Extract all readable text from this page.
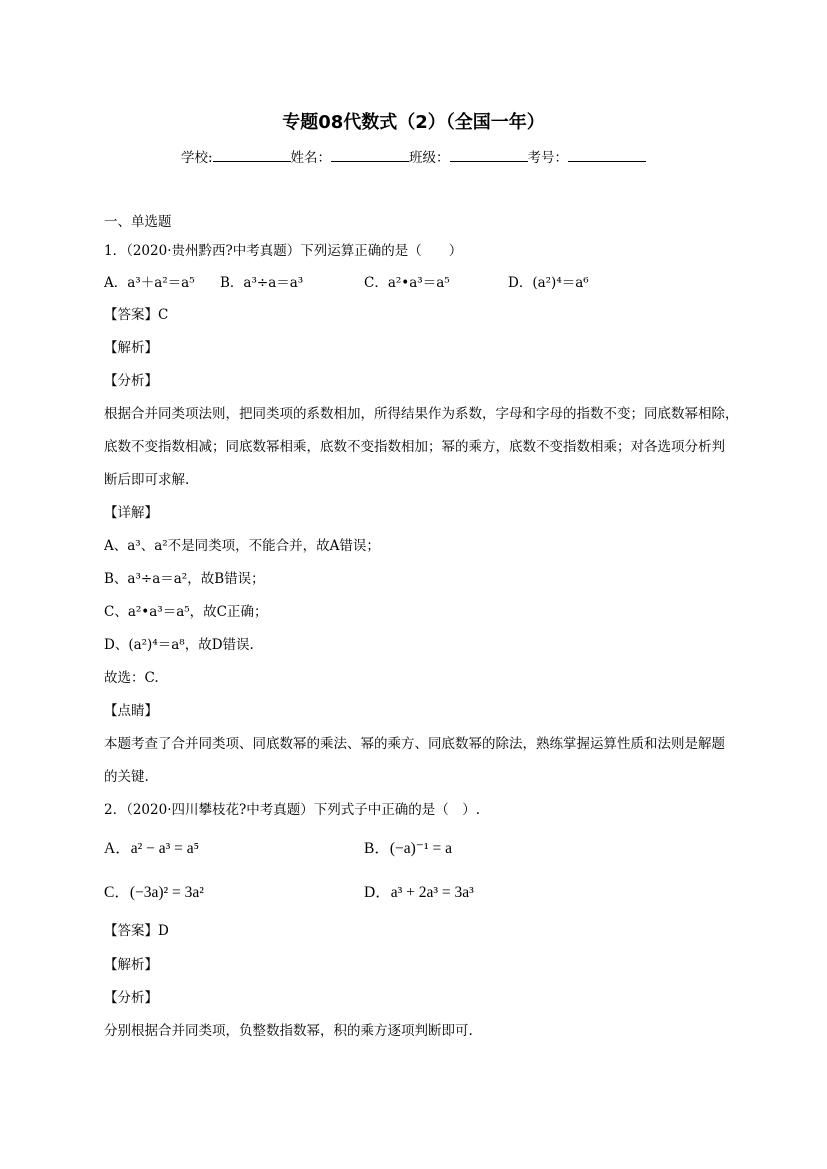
专题08代数式（2）（全国一年）
学校:	姓名：	班级：	考号：
一、单选题
1．（2020·贵州黔西?中考真题）下列运算正确的是（　　）
A．a³＋a²＝a⁵ B．a³÷a＝a³	C．a²•a³＝a⁵	D．(a²)⁴＝a⁶
【答案】C
【解析】
【分析】
根据合并同类项法则，把同类项的系数相加，所得结果作为系数，字母和字母的指数不变；同底数幂相除，
底数不变指数相减；同底数幂相乘，底数不变指数相加；幂的乘方，底数不变指数相乘；对各选项分析判
断后即可求解.
【详解】
A、a³、a²不是同类项，不能合并，故A错误；
B、a³÷a＝a²，故B错误；
C、a²•a³＝a⁵，故C正确；
D、(a²)⁴＝a⁸，故D错误.
故选：C.
【点睛】
本题考查了合并同类项、同底数幂的乘法、幂的乘方、同底数幂的除法，熟练掌握运算性质和法则是解题
的关键.
2．（2020·四川攀枝花?中考真题）下列式子中正确的是（　）.
A．a² − a³ = a⁵	B．(−a)⁻¹ = a
C．(−3a)² = 3a²	D．a³ + 2a³ = 3a³
【答案】D
【解析】
【分析】
分别根据合并同类项，负整数指数幂，积的乘方逐项判断即可.
